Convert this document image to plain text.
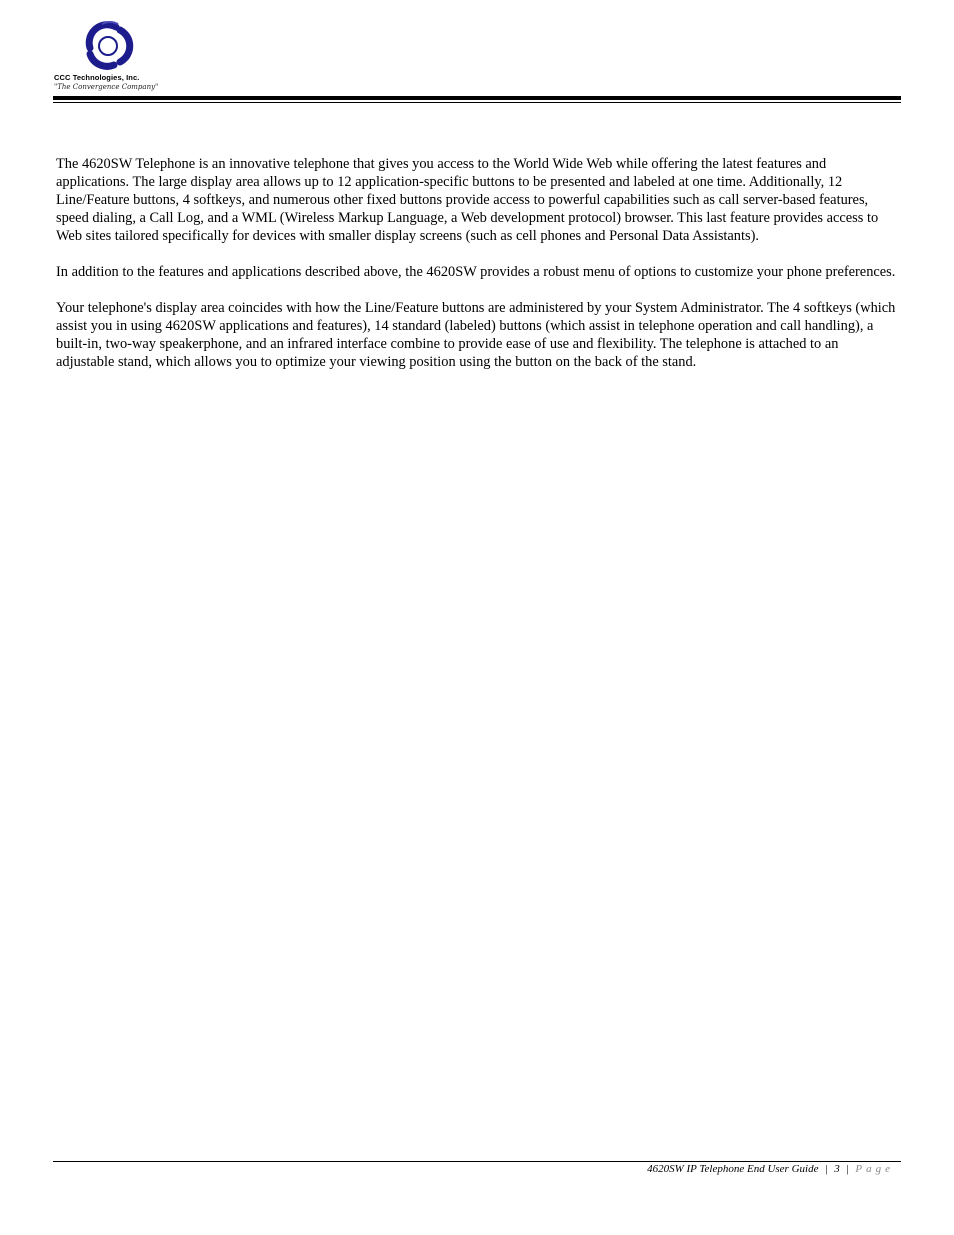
CCC Technologies, Inc.
"The Convergence Company"

The 4620SW Telephone is an innovative telephone that gives you access to the World Wide Web while offering the latest features and applications. The large display area allows up to 12 application-specific buttons to be presented and labeled at one time. Additionally, 12 Line/Feature buttons, 4 softkeys, and numerous other fixed buttons provide access to powerful capabilities such as call server-based features, speed dialing, a Call Log, and a WML (Wireless Markup Language, a Web development protocol) browser. This last feature provides access to Web sites tailored specifically for devices with smaller display screens (such as cell phones and Personal Data Assistants).

In addition to the features and applications described above, the 4620SW provides a robust menu of options to customize your phone preferences.

Your telephone's display area coincides with how the Line/Feature buttons are administered by your System Administrator. The 4 softkeys (which assist you in using 4620SW applications and features), 14 standard (labeled) buttons (which assist in telephone operation and call handling), a built-in, two-way speakerphone, and an infrared interface combine to provide ease of use and flexibility. The telephone is attached to an adjustable stand, which allows you to optimize your viewing position using the button on the back of the stand.

4620SW IP Telephone End User Guide | 3 | Page
